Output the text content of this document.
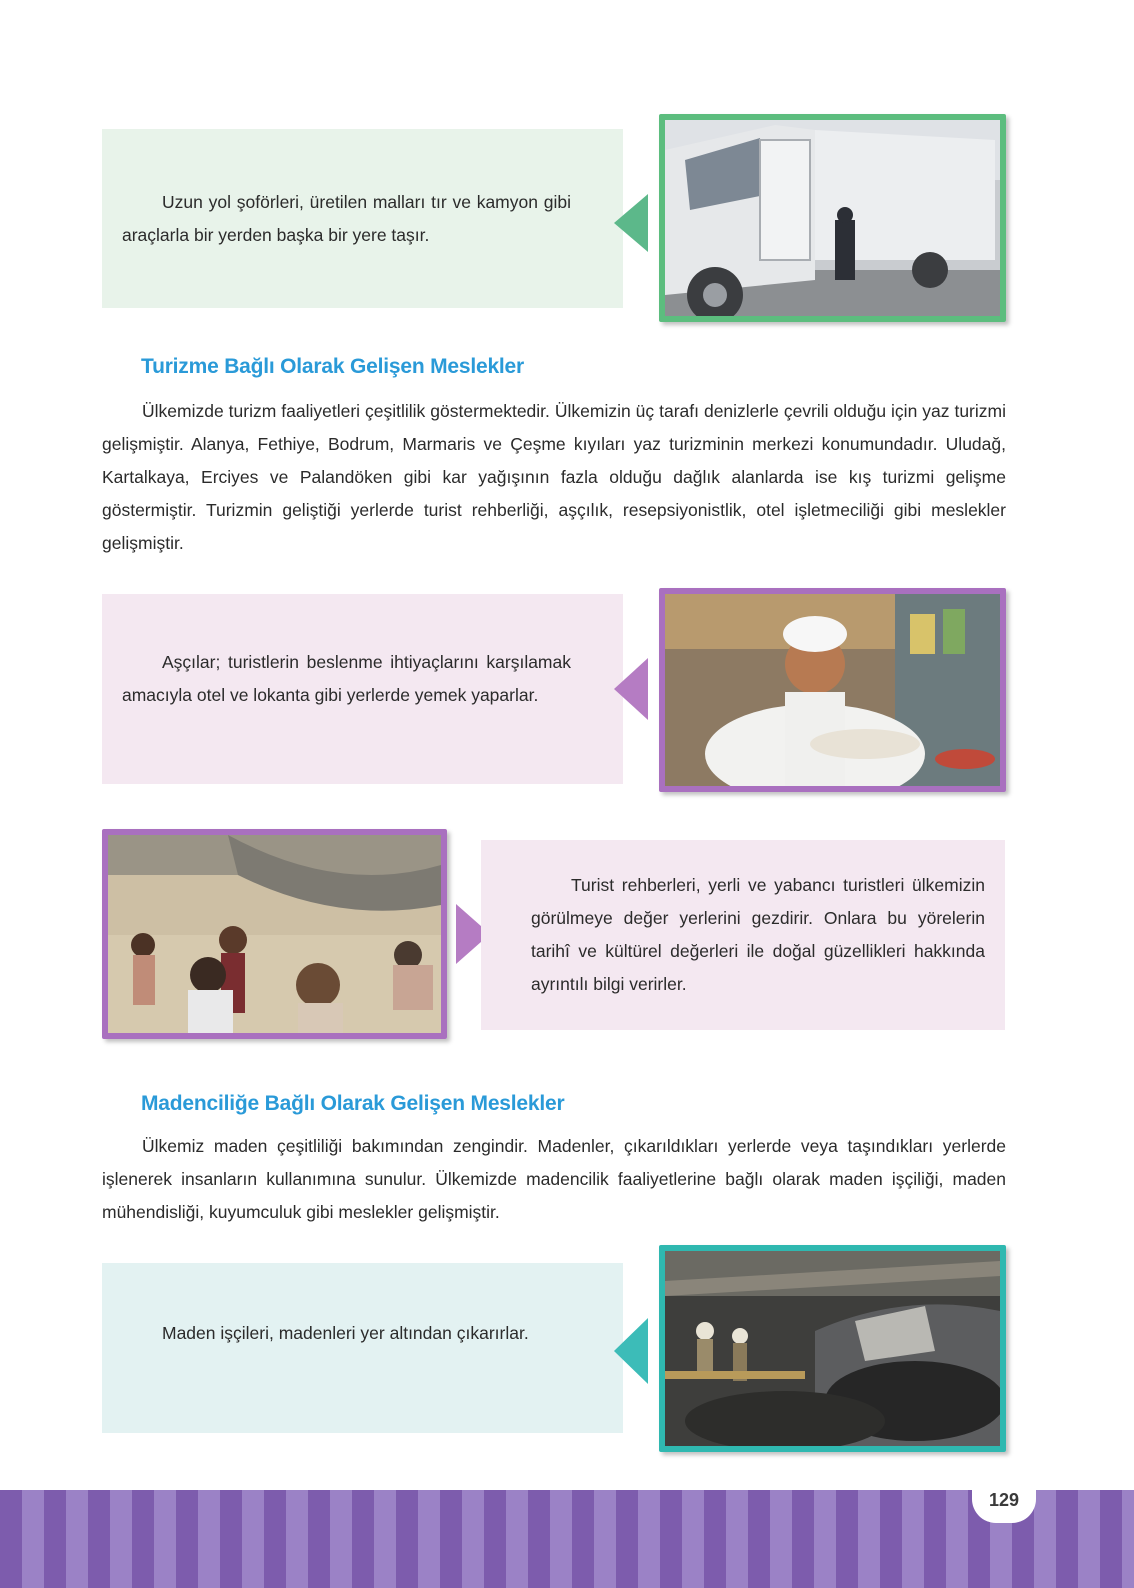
Uzun yol şoförleri, üretilen malları tır ve kamyon gibi araçlarla bir yerden başka bir yere taşır.

Turizme Bağlı Olarak Gelişen Meslekler

Ülkemizde turizm faaliyetleri çeşitlilik göstermektedir. Ülkemizin üç tarafı denizlerle çevrili olduğu için yaz turizmi gelişmiştir. Alanya, Fethiye, Bodrum, Marmaris ve Çeşme kıyıları yaz turizminin merkezi konumundadır. Uludağ, Kartalkaya, Erciyes ve Palandöken gibi kar yağışının fazla olduğu dağlık alanlarda ise kış turizmi gelişme göstermiştir. Turizmin geliştiği yerlerde turist rehberliği, aşçılık, resepsiyonistlik, otel işletmeciliği gibi meslekler gelişmiştir.

Aşçılar; turistlerin beslenme ihtiyaçlarını karşılamak amacıyla otel ve lokanta gibi yerlerde yemek yaparlar.

Turist rehberleri, yerli ve yabancı turistleri ülkemizin görülmeye değer yerlerini gezdirir. Onlara bu yörelerin tarihî ve kültürel değerleri ile doğal güzellikleri hakkında ayrıntılı bilgi verirler.

Madenciliğe Bağlı Olarak Gelişen Meslekler

Ülkemiz maden çeşitliliği bakımından zengindir. Madenler, çıkarıldıkları yerlerde veya taşındıkları yerlerde işlenerek insanların kullanımına sunulur. Ülkemizde madencilik faaliyetlerine bağlı olarak maden işçiliği, maden mühendisliği, kuyumculuk gibi meslekler gelişmiştir.

Maden işçileri, madenleri yer altından çıkarırlar.

129
